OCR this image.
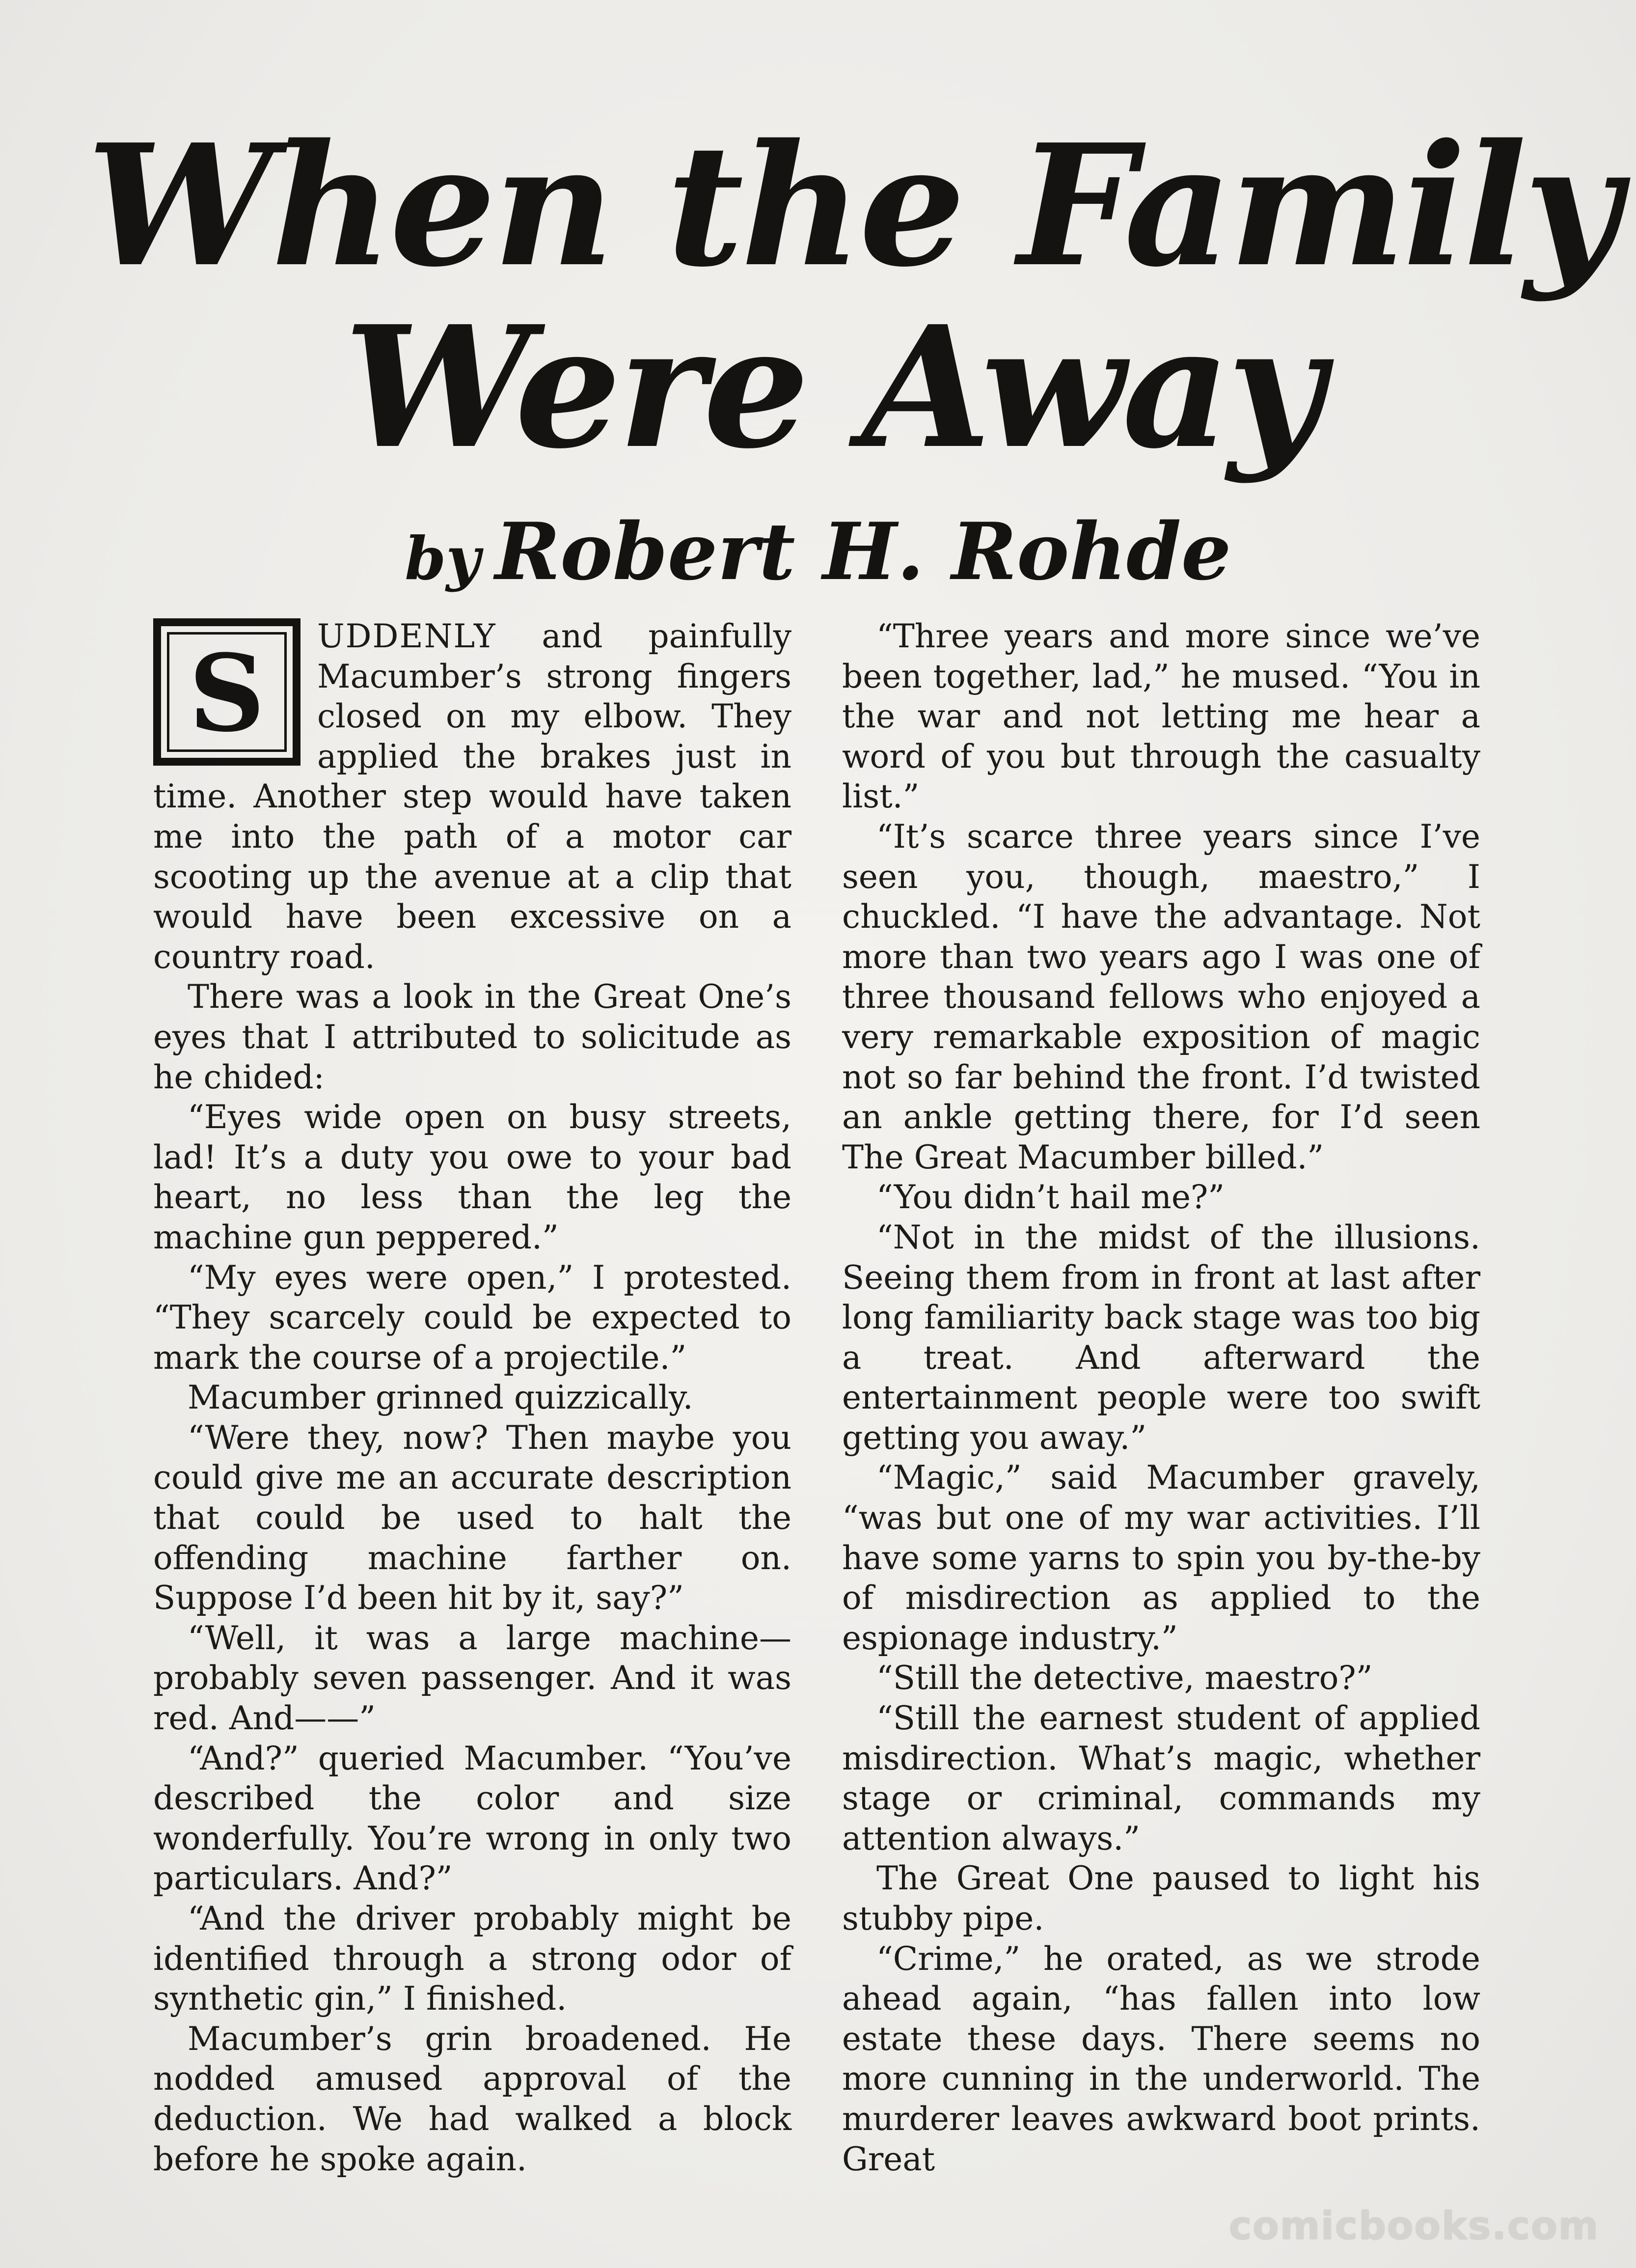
When the Family
Were Away
by Robert H. Rohde
S	UDDENLY and painfully Macumber’s strong fingers closed on my elbow. They applied the brakes just in time. Another step would have taken me into the path of a motor car scooting up the avenue at a clip that would have been excessive on a country road.

There was a look in the Great One’s eyes that I attributed to solicitude as he chided:

“Eyes wide open on busy streets, lad! It’s a duty you owe to your bad heart, no less than the leg the machine gun peppered.”

“My eyes were open,” I protested. “They scarcely could be expected to mark the course of a projectile.”

Macumber grinned quizzically.

“Were they, now? Then maybe you could give me an accurate description that could be used to halt the offending machine farther on. Suppose I’d been hit by it, say?”

“Well, it was a large machine—probably seven passenger. And it was red. And——”

“And?” queried Macumber. “You’ve described the color and size wonderfully. You’re wrong in only two particulars. And?”

“And the driver probably might be identified through a strong odor of synthetic gin,” I finished.

Macumber’s grin broadened. He nodded amused approval of the deduction. We had walked a block before he spoke again.

“Three years and more since we’ve been together, lad,” he mused. “You in the war and not letting me hear a word of you but through the casualty list.”

“It’s scarce three years since I’ve seen you, though, maestro,” I chuckled. “I have the advantage. Not more than two years ago I was one of three thousand fellows who enjoyed a very remarkable exposition of magic not so far behind the front. I’d twisted an ankle getting there, for I’d seen The Great Macumber billed.”

“You didn’t hail me?”

“Not in the midst of the illusions. Seeing them from in front at last after long familiarity back stage was too big a treat. And afterward the entertainment people were too swift getting you away.”

“Magic,” said Macumber gravely, “was but one of my war activities. I’ll have some yarns to spin you by-the-by of misdirection as applied to the espionage industry.”

“Still the detective, maestro?”

“Still the earnest student of applied misdirection. What’s magic, whether stage or criminal, commands my attention always.”

The Great One paused to light his stubby pipe.

“Crime,” he orated, as we strode ahead again, “has fallen into low estate these days. There seems no more cunning in the underworld. The murderer leaves awkward boot prints. Great

comicbooks.com
